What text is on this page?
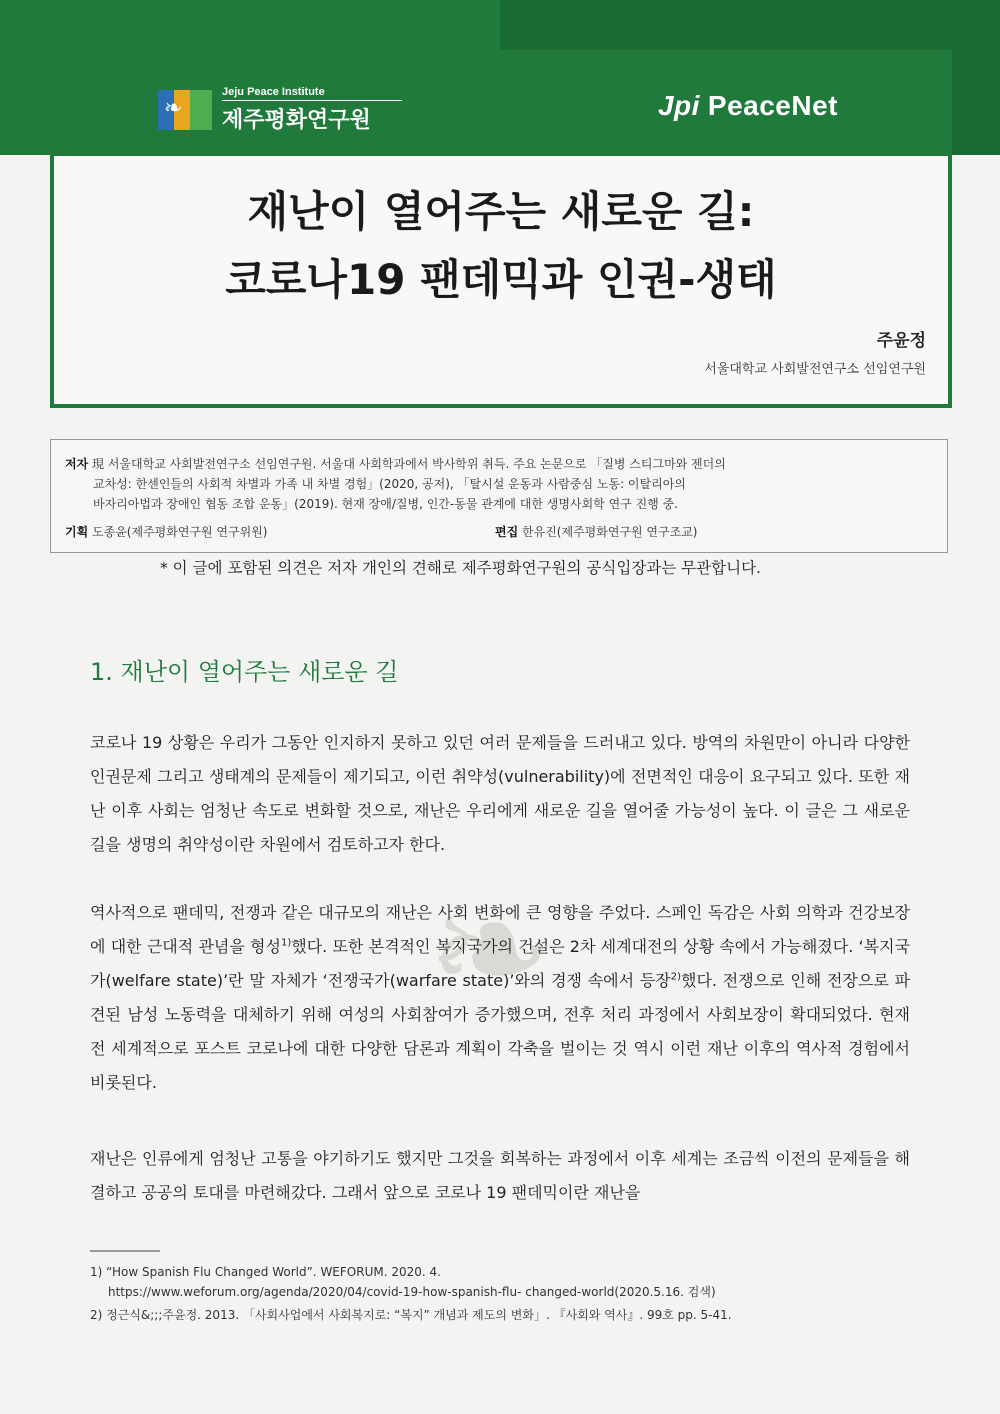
❧
Jeju Peace Institute
제주평화연구원	Jpi PeaceNet
재난이 열어주는 새로운 길:
코로나19 팬데믹과 인권-생태
주윤정
서울대학교 사회발전연구소 선임연구원
저자 現 서울대학교 사회발전연구소 선임연구원. 서울대 사회학과에서 박사학위 취득. 주요 논문으로 「질병 스티그마와 젠더의
교차성: 한센인들의 사회적 차별과 가족 내 차별 경험」(2020, 공저), 「탈시설 운동과 사람중심 노동: 이탈리아의
바자리아법과 장애인 협동 조합 운동」(2019). 현재 장애/질병, 인간-동물 관계에 대한 생명사회학 연구 진행 중.
기획 도종윤(제주평화연구원 연구위원)	편집 한유진(제주평화연구원 연구조교)
* 이 글에 포함된 의견은 저자 개인의 견해로 제주평화연구원의 공식입장과는 무관합니다.
1. 재난이 열어주는 새로운 길
❧
코로나 19 상황은 우리가 그동안 인지하지 못하고 있던 여러 문제들을 드러내고 있다. 방역의 차원만이 아니라 다양한 인권문제 그리고 생태계의 문제들이 제기되고, 이런 취약성(vulnerability)에 전면적인 대응이 요구되고 있다. 또한 재난 이후 사회는 엄청난 속도로 변화할 것으로, 재난은 우리에게 새로운 길을 열어줄 가능성이 높다. 이 글은 그 새로운 길을 생명의 취약성이란 차원에서 검토하고자 한다.
역사적으로 팬데믹, 전쟁과 같은 대규모의 재난은 사회 변화에 큰 영향을 주었다. 스페인 독감은 사회 의학과 건강보장에 대한 근대적 관념을 형성$^{1)}$했다. 또한 본격적인 복지국가의 건설은 2차 세계대전의 상황 속에서 가능해졌다. ‘복지국가(welfare state)’란 말 자체가 ‘전쟁국가(warfare state)’와의 경쟁 속에서 등장$^{2)}$했다. 전쟁으로 인해 전장으로 파견된 남성 노동력을 대체하기 위해 여성의 사회참여가 증가했으며, 전후 처리 과정에서 사회보장이 확대되었다. 현재 전 세계적으로 포스트 코로나에 대한 다양한 담론과 계획이 각축을 벌이는 것 역시 이런 재난 이후의 역사적 경험에서 비롯된다.
재난은 인류에게 엄청난 고통을 야기하기도 했지만 그것을 회복하는 과정에서 이후 세계는 조금씩 이전의 문제들을 해결하고 공공의 토대를 마련해갔다. 그래서 앞으로 코로나 19 팬데믹이란 재난을
1) “How Spanish Flu Changed World”. WEFORUM. 2020. 4.
https://www.weforum.org/agenda/2020/04/covid-19-how-spanish-flu- changed-world(2020.5.16. 검색)
2) 정근식&;;;주윤정. 2013. 「사회사업에서 사회복지로: “복지” 개념과 제도의 변화」. 『사회와 역사』. 99호 pp. 5-41.
